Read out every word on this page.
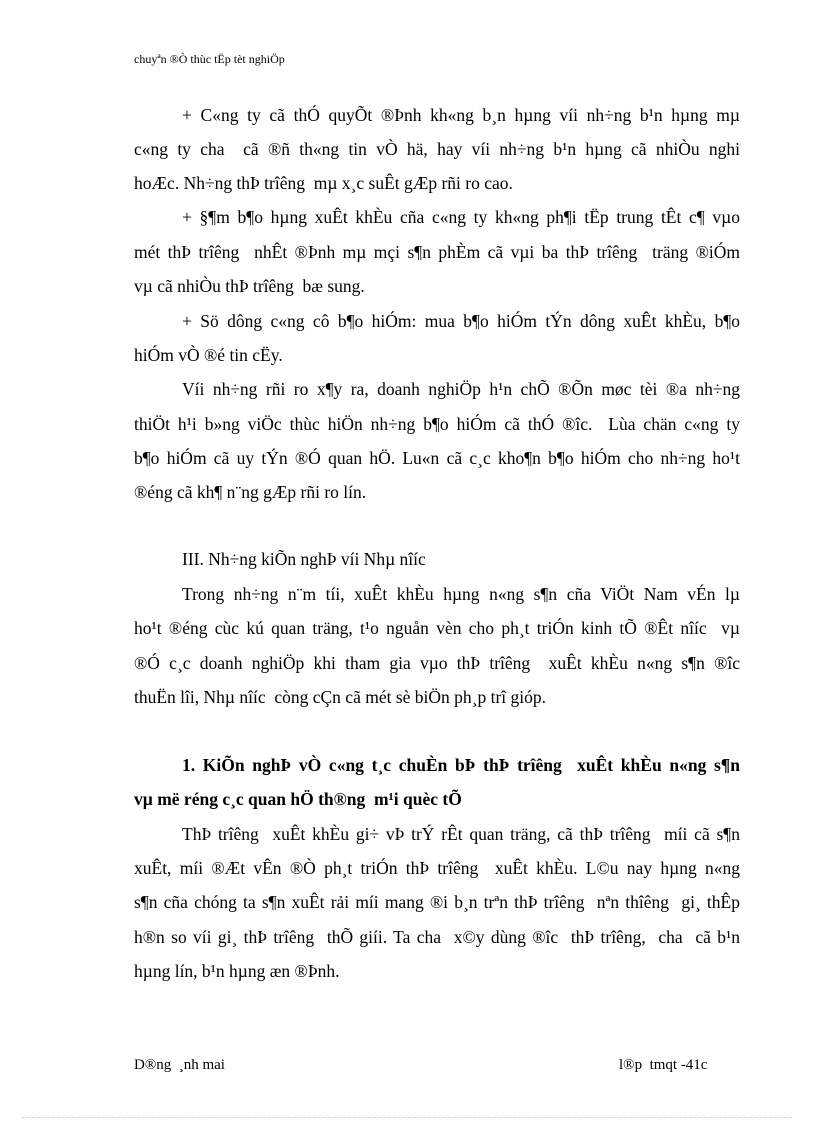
chuyªn ®Ò thùc tËp tèt nghiÖp
+ C«ng ty cã thÓ quyÕt ®Þnh kh«ng b¸n hµng víi nh÷ng b¹n hµng mµ
c«ng ty cha  cã ®ñ th«ng tin vÒ hä, hay víi nh÷ng b¹n hµng cã nhiÒu nghi
hoÆc. Nh÷ng thÞ trîêng  mµ x¸c suÊt gÆp rñi ro cao.
+ §¶m b¶o hµng xuÊt khÈu cña c«ng ty kh«ng ph¶i tËp trung tÊt c¶ vµo
mét thÞ trîêng  nhÊt ®Þnh mµ mçi s¶n phÈm cã vµi ba thÞ trîêng  träng ®iÓm
vµ cã nhiÒu thÞ trîêng  bæ sung.
+ Sö dông c«ng cô b¶o hiÓm: mua b¶o hiÓm tÝn dông xuÊt khÈu, b¶o
hiÓm vÒ ®é tin cËy.
Víi nh÷ng rñi ro x¶y ra, doanh nghiÖp h¹n chÕ ®Õn møc tèi ®a nh÷ng
thiÖt h¹i b»ng viÖc thùc hiÖn nh÷ng b¶o hiÓm cã thÓ ®îc.  Lùa chän c«ng ty
b¶o hiÓm cã uy tÝn ®Ó quan hÖ. Lu«n cã c¸c kho¶n b¶o hiÓm cho nh÷ng ho¹t
®éng cã kh¶ n¨ng gÆp rñi ro lín.
III. Nh÷ng kiÕn nghÞ víi Nhµ nîíc
Trong nh÷ng n¨m tíi, xuÊt khÈu hµng n«ng s¶n cña ViÖt Nam vÉn lµ
ho¹t ®éng cùc kú quan träng, t¹o nguån vèn cho ph¸t triÓn kinh tÕ ®Êt nîíc  vµ
®Ó c¸c doanh nghiÖp khi tham gia vµo thÞ trîêng  xuÊt khÈu n«ng s¶n ®îc
thuËn lîi, Nhµ nîíc  còng cÇn cã mét sè biÖn ph¸p trî gióp.
1. KiÕn nghÞ vÒ c«ng t¸c chuÈn bÞ thÞ trîêng  xuÊt khÈu n«ng s¶n
vµ më réng c¸c quan hÖ th®ng  m¹i quèc tÕ
ThÞ trîêng  xuÊt khÈu gi÷ vÞ trÝ rÊt quan träng, cã thÞ trîêng  míi cã s¶n
xuÊt, míi ®Æt vÊn ®Ò ph¸t triÓn thÞ trîêng  xuÊt khÈu. L©u nay hµng n«ng
s¶n cña chóng ta s¶n xuÊt rải míi mang ®i b¸n trªn thÞ trîêng  nªn thîêng  gi¸ thÊp
h®n so víi gi¸ thÞ trîêng  thÕ giíi. Ta cha  x©y dùng ®îc  thÞ trîêng,  cha  cã b¹n
hµng lín, b¹n hµng æn ®Þnh.
D®ng  ¸nh mai	l®p  tmqt -41c
